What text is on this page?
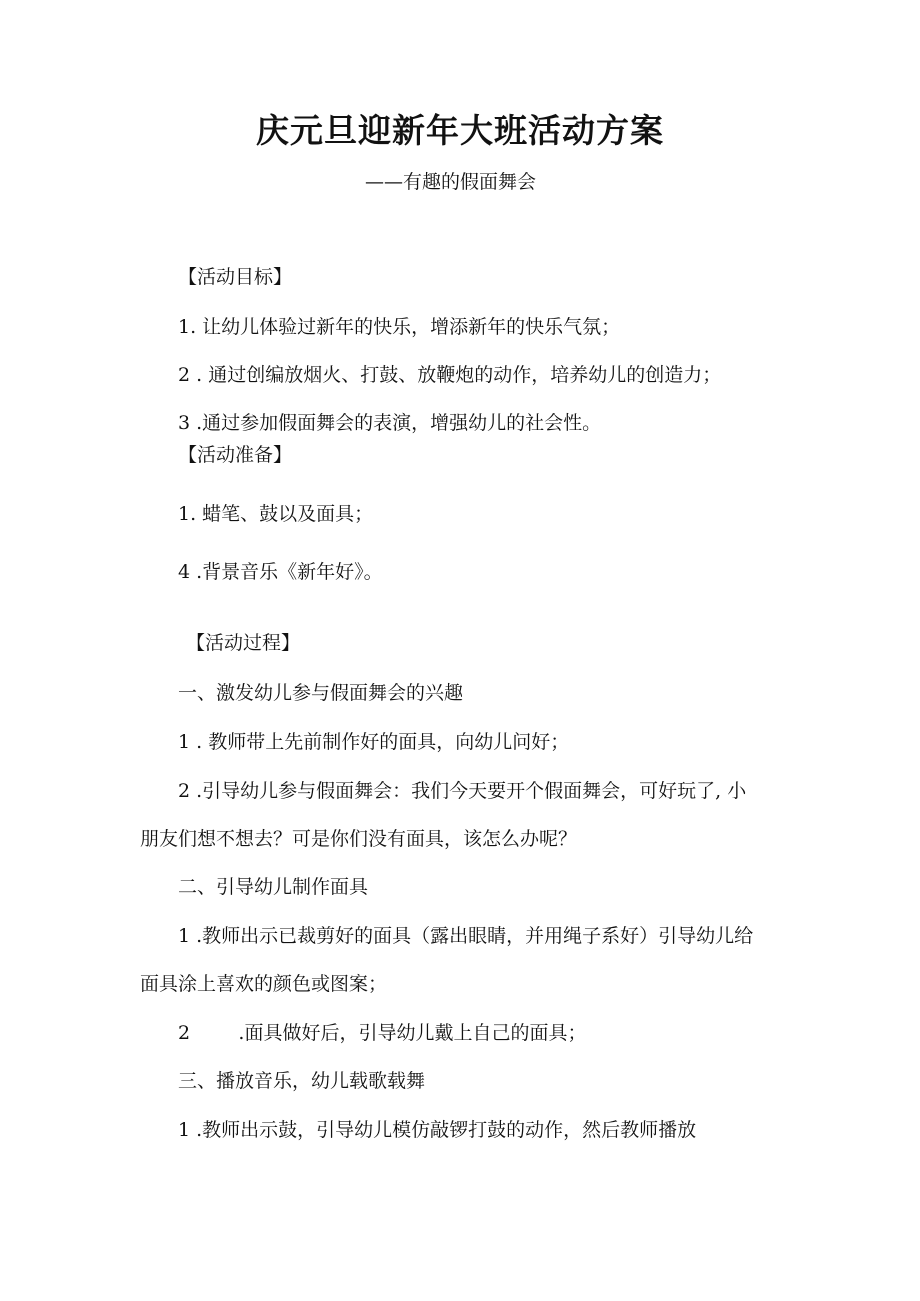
庆元旦迎新年大班活动方案

——有趣的假面舞会

【活动目标】

1. 让幼儿体验过新年的快乐，增添新年的快乐气氛；

2 . 通过创编放烟火、打鼓、放鞭炮的动作，培养幼儿的创造力；

3 .通过参加假面舞会的表演，增强幼儿的社会性。

【活动准备】

1. 蜡笔、鼓以及面具；

4 .背景音乐《新年好》。

【活动过程】

一、激发幼儿参与假面舞会的兴趣

1 . 教师带上先前制作好的面具，向幼儿问好；

2 .引导幼儿参与假面舞会：我们今天要开个假面舞会，可好玩了, 小

朋友们想不想去？可是你们没有面具，该怎么办呢？

二、引导幼儿制作面具

1 .教师出示已裁剪好的面具（露出眼睛，并用绳子系好）引导幼儿给

面具涂上喜欢的颜色或图案；

2        .面具做好后，引导幼儿戴上自己的面具；

三、播放音乐，幼儿载歌载舞

1 .教师出示鼓，引导幼儿模仿敲锣打鼓的动作，然后教师播放
